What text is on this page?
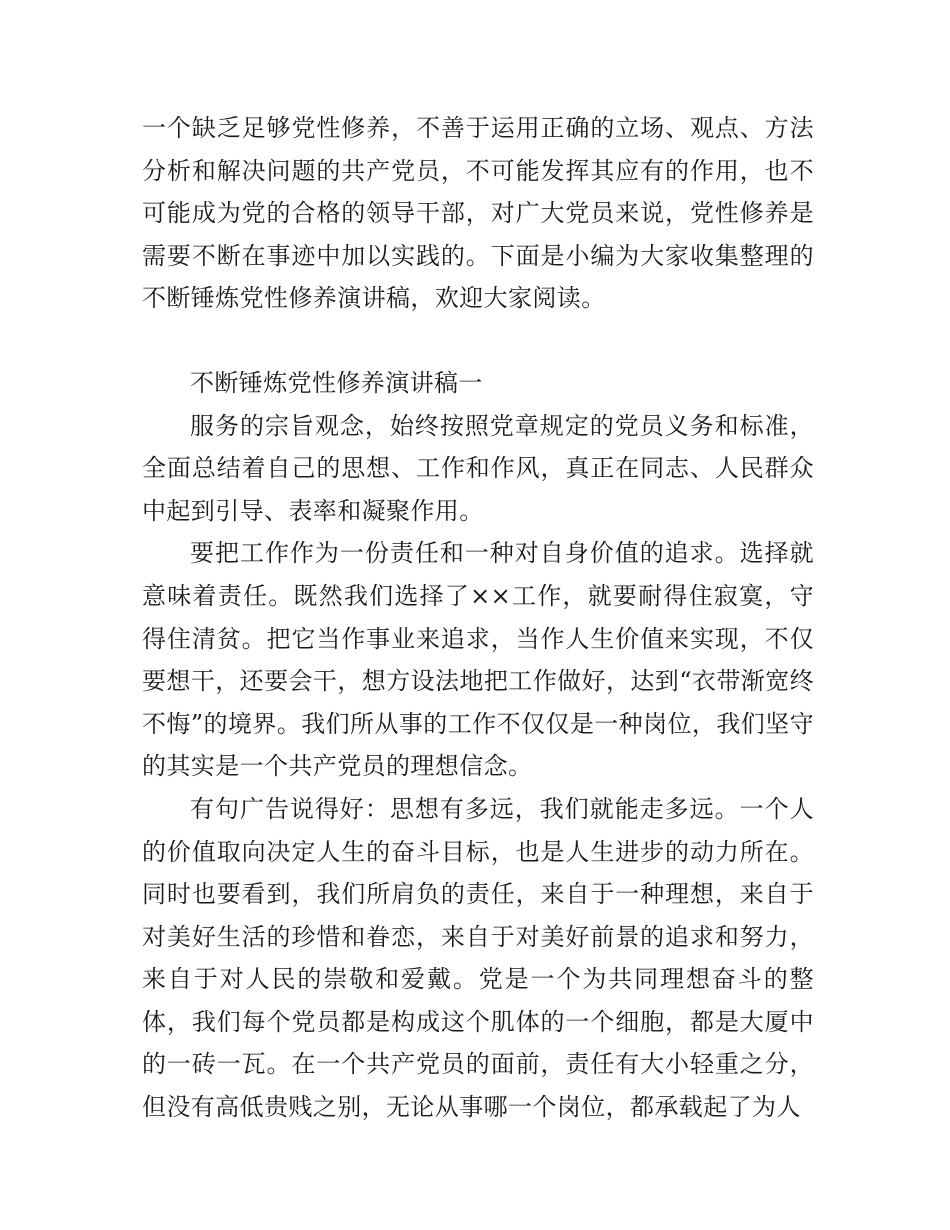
一个缺乏足够党性修养，不善于运用正确的立场、观点、方法分析和解决问题的共产党员，不可能发挥其应有的作用，也不可能成为党的合格的领导干部，对广大党员来说，党性修养是需要不断在事迹中加以实践的。下面是小编为大家收集整理的不断锤炼党性修养演讲稿，欢迎大家阅读。

不断锤炼党性修养演讲稿一

服务的宗旨观念，始终按照党章规定的党员义务和标准，全面总结着自己的思想、工作和作风，真正在同志、人民群众中起到引导、表率和凝聚作用。

要把工作作为一份责任和一种对自身价值的追求。选择就意味着责任。既然我们选择了××工作，就要耐得住寂寞，守得住清贫。把它当作事业来追求，当作人生价值来实现，不仅要想干，还要会干，想方设法地把工作做好，达到“衣带渐宽终不悔”的境界。我们所从事的工作不仅仅是一种岗位，我们坚守的其实是一个共产党员的理想信念。

有句广告说得好：思想有多远，我们就能走多远。一个人的价值取向决定人生的奋斗目标，也是人生进步的动力所在。同时也要看到，我们所肩负的责任，来自于一种理想，来自于对美好生活的珍惜和眷恋，来自于对美好前景的追求和努力，来自于对人民的崇敬和爱戴。党是一个为共同理想奋斗的整体，我们每个党员都是构成这个肌体的一个细胞，都是大厦中的一砖一瓦。在一个共产党员的面前，责任有大小轻重之分，但没有高低贵贱之别，无论从事哪一个岗位，都承载起了为人
